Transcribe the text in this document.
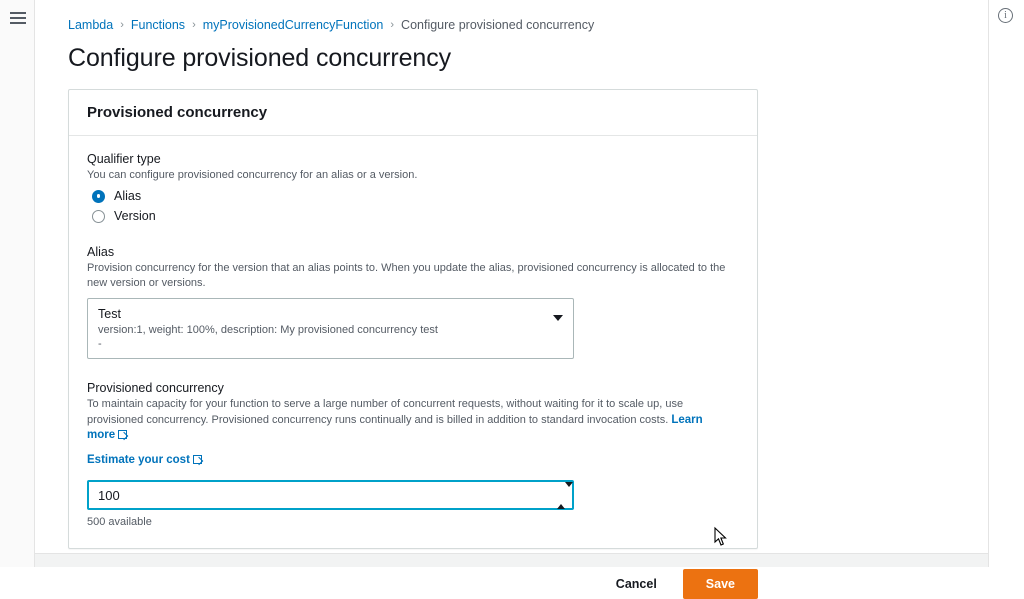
i
Lambda › Functions › myProvisionedCurrencyFunction › Configure provisioned concurrency
Configure provisioned concurrency
Provisioned concurrency
Qualifier type
You can configure provisioned concurrency for an alias or a version.
Alias
Version
Alias
Provision concurrency for the version that an alias points to. When you update the alias, provisioned concurrency is allocated to the new version or versions.
Test
version:1, weight: 100%, description: My provisioned concurrency test
-
Provisioned concurrency
To maintain capacity for your function to serve a large number of concurrent requests, without waiting for it to scale up, use provisioned concurrency. Provisioned concurrency runs continually and is billed in addition to standard invocation costs. Learn more
Estimate your cost
100
500 available
Cancel	Save
